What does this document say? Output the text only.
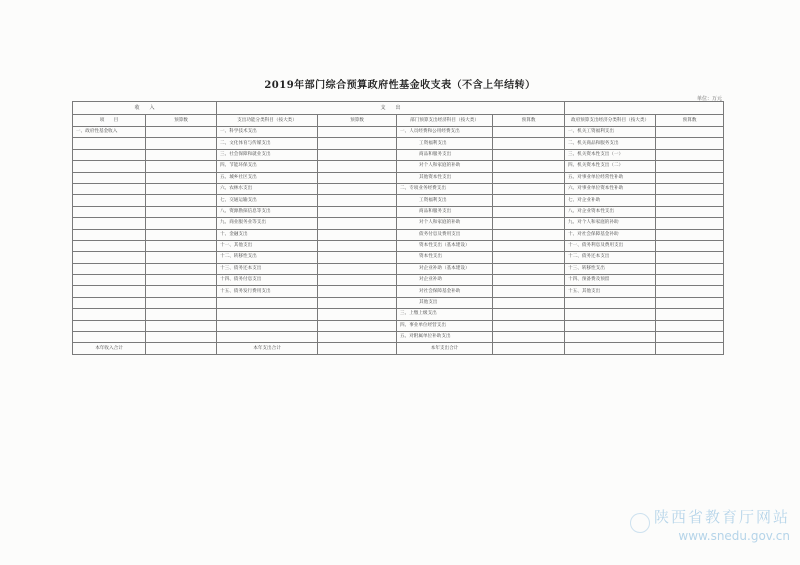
2019年部门综合预算政府性基金收支表（不含上年结转）
单位：万元
收　　入		支　　出					
项　　目	预算数	支出功能分类科目（按大类）	预算数	部门预算支出经济科目（按大类）	预算数	政府预算支出经济分类科目（按大类）	预算数
一、政府性基金收入		一、科学技术支出		一、人员经费和公用经费支出		一、机关工资福利支出	
		二、文化体育与传媒支出		工资福利支出		二、机关商品和服务支出	
		三、社会保障和就业支出		商品和服务支出		三、机关资本性支出（一）	
		四、节能环保支出		对个人和家庭的补助		四、机关资本性支出（二）	
		五、城乡社区支出		其他资本性支出		五、对事业单位经常性补助	
		六、农林水支出		二、专项业务经费支出		六、对事业单位资本性补助	
		七、交通运输支出		工资福利支出		七、对企业补助	
		八、资源勘探信息等支出		商品和服务支出		八、对企业资本性支出	
		九、商业服务业等支出		对个人和家庭的补助		九、对个人和家庭的补助	
		十、金融支出		债务付息及费用支出		十、对社会保障基金补助	
		十一、其他支出		资本性支出（基本建设）		十一、债务利息及费用支出	
		十二、转移性支出		资本性支出		十二、债务还本支出	
		十三、债务还本支出		对企业补助（基本建设）		十三、转移性支出	
		十四、债务付息支出		对企业补助		十四、预备费及预留	
		十五、债务发行费用支出		对社会保障基金补助		十五、其他支出	
				其他支出			
				三、上缴上级支出			
				四、事业单位经营支出			
				五、对附属单位补助支出			
本年收入合计		本年支出合计		本年支出合计			
陕西省教育厅网站
www.snedu.gov.cn
